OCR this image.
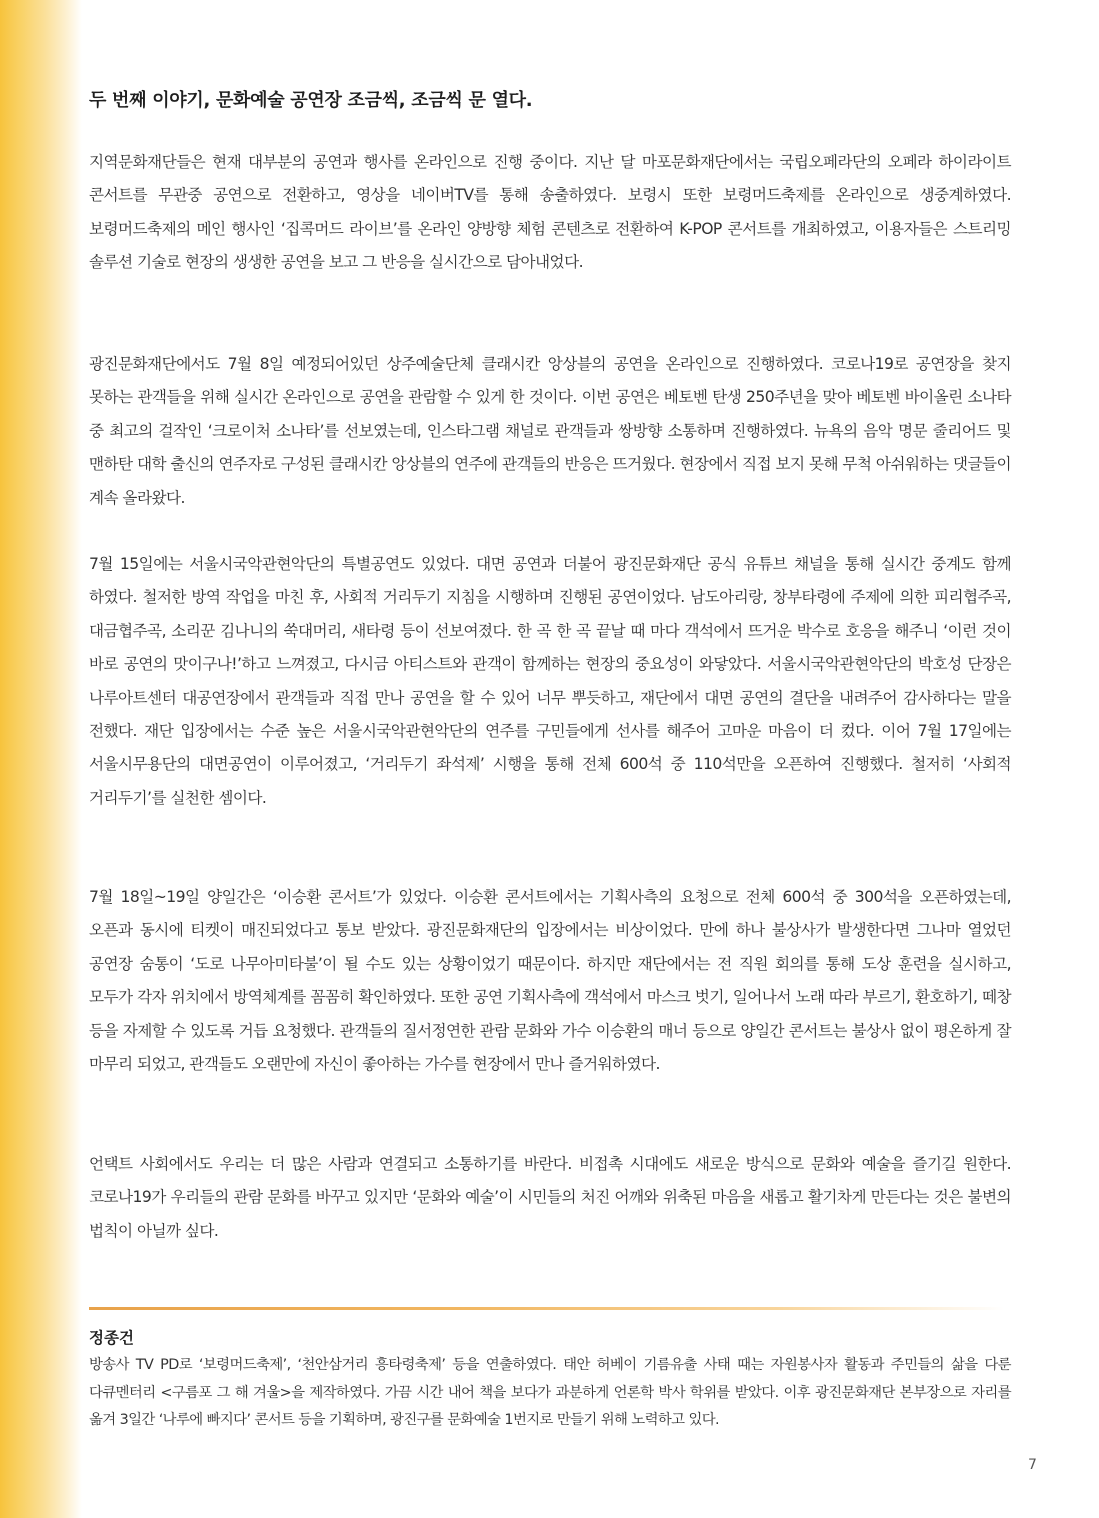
두 번째 이야기, 문화예술 공연장 조금씩, 조금씩 문 열다.

지역문화재단들은 현재 대부분의 공연과 행사를 온라인으로 진행 중이다. 지난 달 마포문화재단에서는 국립오페라단의 오페라 하이라이트 콘서트를 무관중 공연으로 전환하고, 영상을 네이버TV를 통해 송출하였다. 보령시 또한 보령머드축제를 온라인으로 생중계하였다. 보령머드축제의 메인 행사인 ‘집콕머드 라이브’를 온라인 양방향 체험 콘텐츠로 전환하여 K-POP 콘서트를 개최하였고, 이용자들은 스트리밍 솔루션 기술로 현장의 생생한 공연을 보고 그 반응을 실시간으로 담아내었다.

광진문화재단에서도 7월 8일 예정되어있던 상주예술단체 클래시칸 앙상블의 공연을 온라인으로 진행하였다. 코로나19로 공연장을 찾지 못하는 관객들을 위해 실시간 온라인으로 공연을 관람할 수 있게 한 것이다. 이번 공연은 베토벤 탄생 250주년을 맞아 베토벤 바이올린 소나타 중 최고의 걸작인 ‘크로이처 소나타’를 선보였는데, 인스타그램 채널로 관객들과 쌍방향 소통하며 진행하였다. 뉴욕의 음악 명문 줄리어드 및 맨하탄 대학 출신의 연주자로 구성된 클래시칸 앙상블의 연주에 관객들의 반응은 뜨거웠다. 현장에서 직접 보지 못해 무척 아쉬워하는 댓글들이 계속 올라왔다.

7월 15일에는 서울시국악관현악단의 특별공연도 있었다. 대면 공연과 더불어 광진문화재단 공식 유튜브 채널을 통해 실시간 중계도 함께 하였다. 철저한 방역 작업을 마친 후, 사회적 거리두기 지침을 시행하며 진행된 공연이었다. 남도아리랑, 창부타령에 주제에 의한 피리협주곡, 대금협주곡, 소리꾼 김나니의 쑥대머리, 새타령 등이 선보여졌다. 한 곡 한 곡 끝날 때 마다 객석에서 뜨거운 박수로 호응을 해주니 ‘이런 것이 바로 공연의 맛이구나!’하고 느껴졌고, 다시금 아티스트와 관객이 함께하는 현장의 중요성이 와닿았다. 서울시국악관현악단의 박호성 단장은 나루아트센터 대공연장에서 관객들과 직접 만나 공연을 할 수 있어 너무 뿌듯하고, 재단에서 대면 공연의 결단을 내려주어 감사하다는 말을 전했다. 재단 입장에서는 수준 높은 서울시국악관현악단의 연주를 구민들에게 선사를 해주어 고마운 마음이 더 컸다. 이어 7월 17일에는 서울시무용단의 대면공연이 이루어졌고, ‘거리두기 좌석제’ 시행을 통해 전체 600석 중 110석만을 오픈하여 진행했다. 철저히 ‘사회적 거리두기’를 실천한 셈이다.

7월 18일~19일 양일간은 ‘이승환 콘서트’가 있었다. 이승환 콘서트에서는 기획사측의 요청으로 전체 600석 중 300석을 오픈하였는데, 오픈과 동시에 티켓이 매진되었다고 통보 받았다. 광진문화재단의 입장에서는 비상이었다. 만에 하나 불상사가 발생한다면 그나마 열었던 공연장 숨통이 ‘도로 나무아미타불’이 될 수도 있는 상황이었기 때문이다. 하지만 재단에서는 전 직원 회의를 통해 도상 훈련을 실시하고, 모두가 각자 위치에서 방역체계를 꼼꼼히 확인하였다. 또한 공연 기획사측에 객석에서 마스크 벗기, 일어나서 노래 따라 부르기, 환호하기, 떼창 등을 자제할 수 있도록 거듭 요청했다. 관객들의 질서정연한 관람 문화와 가수 이승환의 매너 등으로 양일간 콘서트는 불상사 없이 평온하게 잘 마무리 되었고, 관객들도 오랜만에 자신이 좋아하는 가수를 현장에서 만나 즐거워하였다.

언택트 사회에서도 우리는 더 많은 사람과 연결되고 소통하기를 바란다. 비접촉 시대에도 새로운 방식으로 문화와 예술을 즐기길 원한다. 코로나19가 우리들의 관람 문화를 바꾸고 있지만 ‘문화와 예술’이 시민들의 처진 어깨와 위축된 마음을 새롭고 활기차게 만든다는 것은 불변의 법칙이 아닐까 싶다.

정종건

방송사 TV PD로 ‘보령머드축제’, ‘천안삼거리 흥타령축제’ 등을 연출하였다. 태안 허베이 기름유출 사태 때는 자원봉사자 활동과 주민들의 삶을 다룬 다큐멘터리 <구름포 그 해 겨울>을 제작하였다. 가끔 시간 내어 책을 보다가 과분하게 언론학 박사 학위를 받았다. 이후 광진문화재단 본부장으로 자리를 옮겨 3일간 ‘나루에 빠지다’ 콘서트 등을 기획하며, 광진구를 문화예술 1번지로 만들기 위해 노력하고 있다.

7
